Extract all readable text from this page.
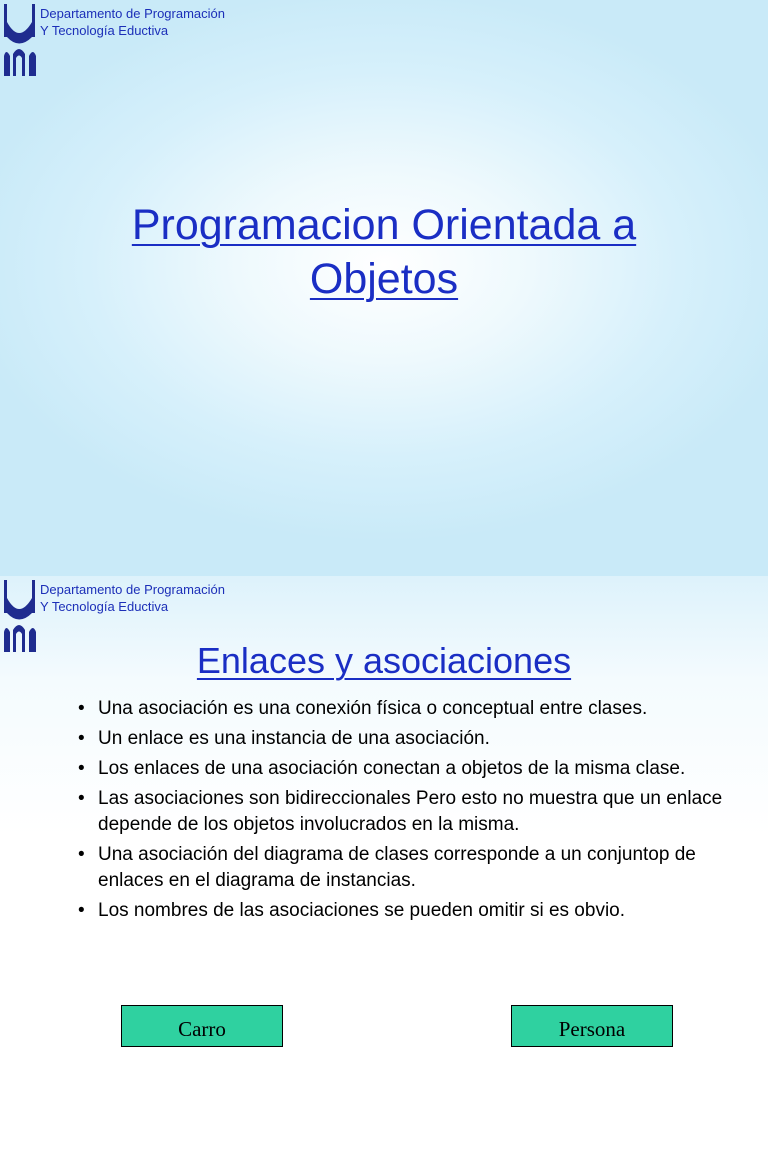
Departamento de Programación
Y Tecnología Eductiva
Programacion Orientada a
Objetos
Departamento de Programación
Y Tecnología Eductiva
Enlaces y asociaciones
• Una asociación es una conexión física o conceptual entre clases.
• Un enlace es una instancia de una asociación.
• Los enlaces de una asociación conectan a objetos de la misma clase.
• Las asociaciones son bidireccionales Pero esto no muestra que un enlace depende de los objetos involucrados en la misma.
• Una asociación del diagrama de clases corresponde a un conjuntop de enlaces en el diagrama de instancias.
• Los nombres de las asociaciones se pueden omitir si es obvio.
Carro	Persona
